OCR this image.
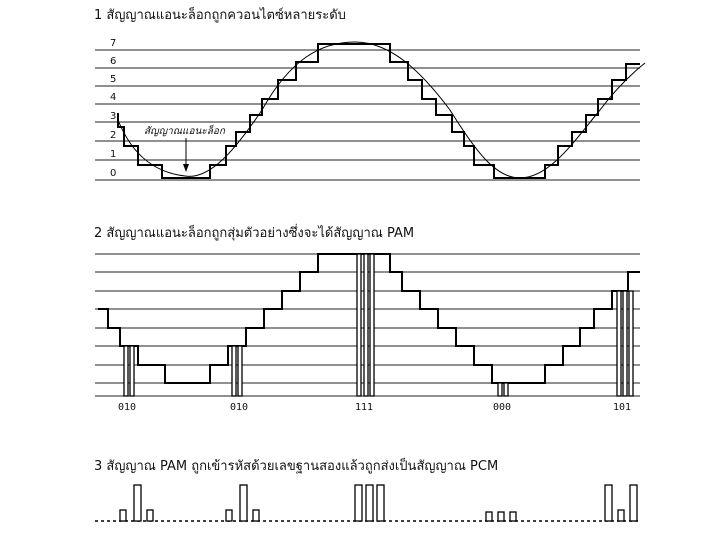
1 สัญญาณแอนะล็อกถูกควอนไตซ์หลายระดับ
2 สัญญาณแอนะล็อกถูกสุ่มตัวอย่างซึ่งจะได้สัญญาณ PAM
3 สัญญาณ PAM ถูกเข้ารหัสด้วยเลขฐานสองแล้วถูกส่งเป็นสัญญาณ PCM
0
1
2
3
4
5
6
7
สัญญาณแอนะล็อก
010	010	111	000	101
